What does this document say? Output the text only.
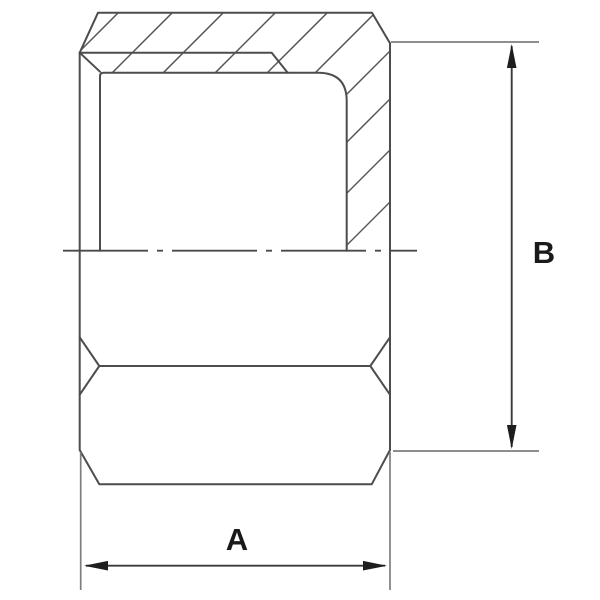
B
A
